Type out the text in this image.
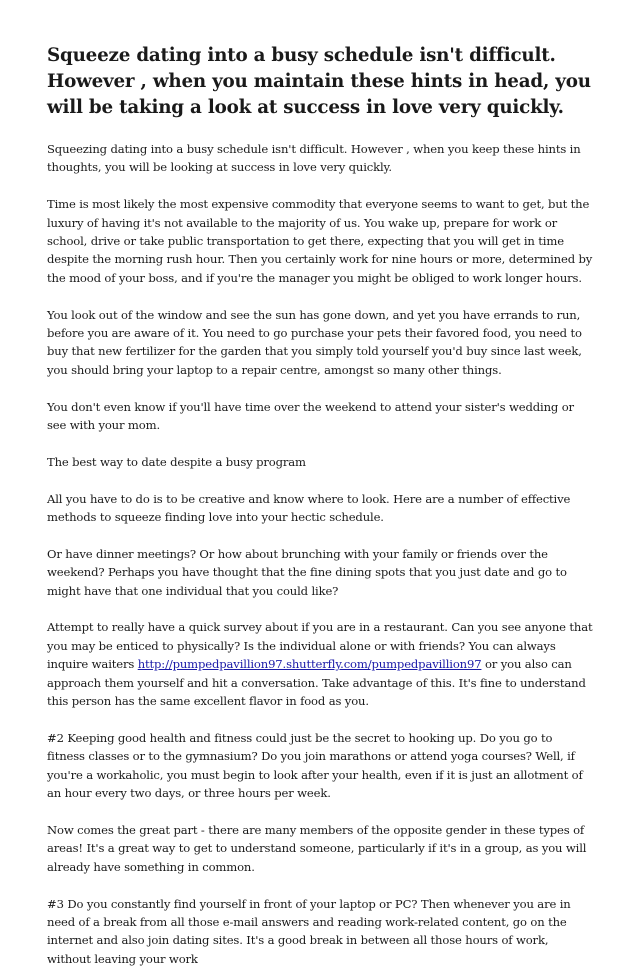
Squeeze dating into a busy schedule isn't difficult. However , when you maintain these hints in head, you will be taking a look at success in love very quickly.

Squeezing dating into a busy schedule isn't difficult. However , when you keep these hints in thoughts, you will be looking at success in love very quickly.

Time is most likely the most expensive commodity that everyone seems to want to get, but the luxury of having it's not available to the majority of us. You wake up, prepare for work or school, drive or take public transportation to get there, expecting that you will get in time despite the morning rush hour. Then you certainly work for nine hours or more, determined by the mood of your boss, and if you're the manager you might be obliged to work longer hours.

You look out of the window and see the sun has gone down, and yet you have errands to run, before you are aware of it. You need to go purchase your pets their favored food, you need to buy that new fertilizer for the garden that you simply told yourself you'd buy since last week, you should bring your laptop to a repair centre, amongst so many other things.

You don't even know if you'll have time over the weekend to attend your sister's wedding or see with your mom.

The best way to date despite a busy program

All you have to do is to be creative and know where to look. Here are a number of effective methods to squeeze finding love into your hectic schedule.

Or have dinner meetings? Or how about brunching with your family or friends over the weekend? Perhaps you have thought that the fine dining spots that you just date and go to might have that one individual that you could like?

Attempt to really have a quick survey about if you are in a restaurant. Can you see anyone that you may be enticed to physically? Is the individual alone or with friends? You can always inquire waiters http://pumpedpavillion97.shutterfly.com/pumpedpavillion97 or you also can approach them yourself and hit a conversation. Take advantage of this. It's fine to understand this person has the same excellent flavor in food as you.

#2 Keeping good health and fitness could just be the secret to hooking up. Do you go to fitness classes or to the gymnasium? Do you join marathons or attend yoga courses? Well, if you're a workaholic, you must begin to look after your health, even if it is just an allotment of an hour every two days, or three hours per week.

Now comes the great part - there are many members of the opposite gender in these types of areas! It's a great way to get to understand someone, particularly if it's in a group, as you will already have something in common.

#3 Do you constantly find yourself in front of your laptop or PC? Then whenever you are in need of a break from all those e-mail answers and reading work-related content, go on the internet and also join dating sites. It's a good break in between all those hours of work, without leaving your work
